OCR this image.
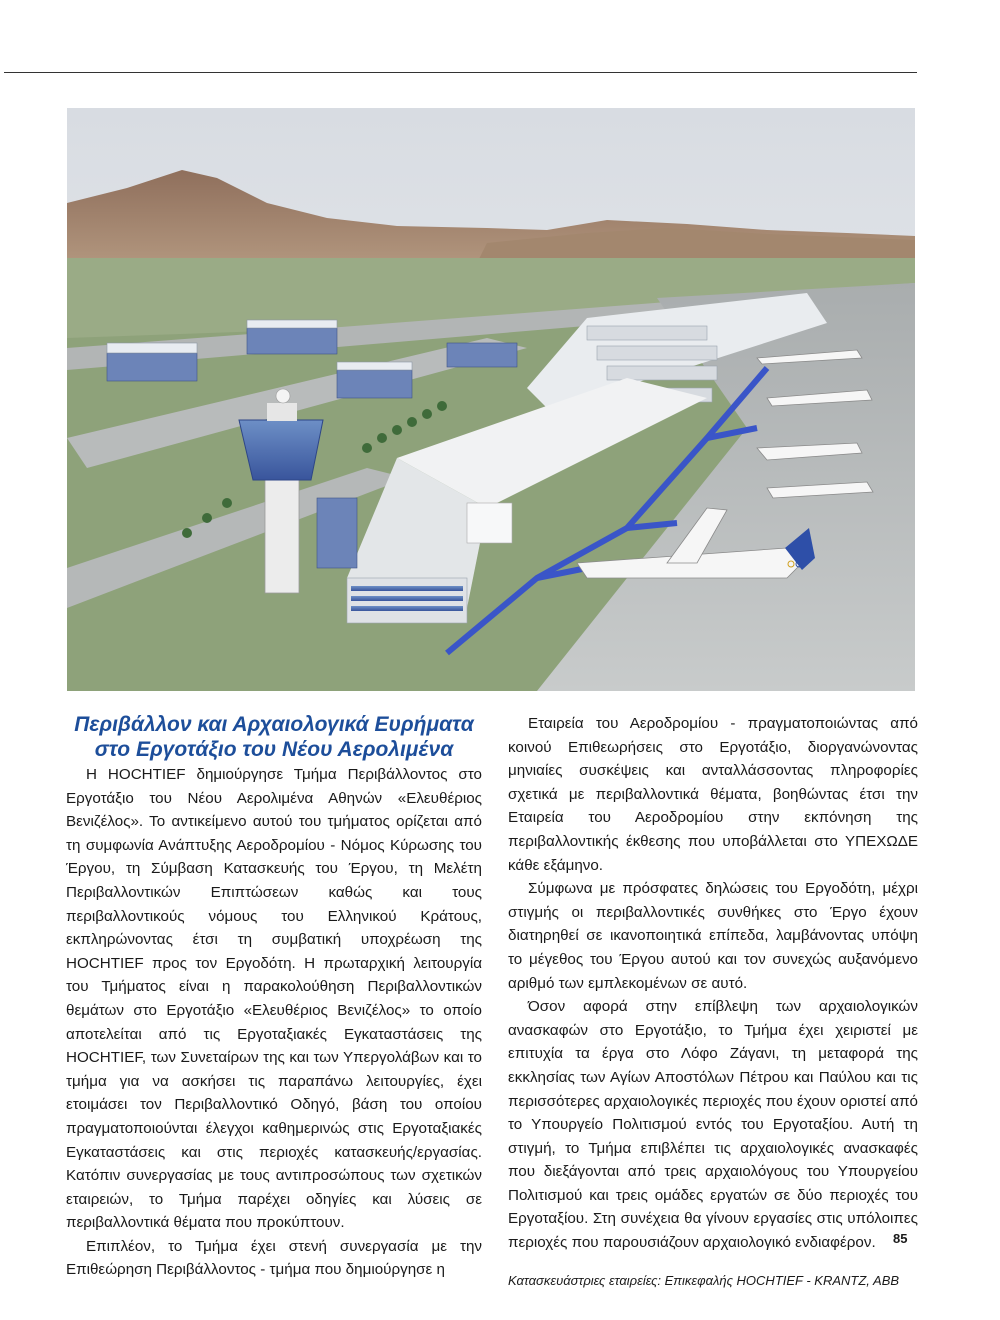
Περιβάλλον και Αρχαιολογικά Ευρήματα
στο Εργοτάξιο του Νέου Αερολιμένα

Η HOCHTIEF δημιούργησε Τμήμα Περιβάλλοντος στο Εργοτάξιο του Νέου Αερολιμένα Αθηνών «Ελευθέριος Βενιζέλος». Το αντικείμενο αυτού του τμήματος ορίζεται από τη συμφωνία Ανάπτυξης Αεροδρομίου - Νόμος Κύρωσης του Έργου, τη Σύμβαση Κατασκευής του Έργου, τη Μελέτη Περιβαλλοντικών Επιπτώσεων καθώς και τους περιβαλλοντικούς νόμους του Ελληνικού Κράτους, εκπληρώνοντας έτσι τη συμβατική υποχρέωση της HOCHTIEF προς τον Εργοδότη. Η πρωταρχική λειτουργία του Τμήματος είναι η παρακολούθηση Περιβαλλοντικών θεμάτων στο Εργοτάξιο «Ελευθέριος Βενιζέλος» το οποίο αποτελείται από τις Εργοταξιακές Εγκαταστάσεις της HOCHTIEF, των Συνεταίρων της και των Υπεργολάβων και το τμήμα για να ασκήσει τις παραπάνω λειτουργίες, έχει ετοιμάσει τον Περιβαλλοντικό Οδηγό, βάση του οποίου πραγματοποιούνται έλεγχοι καθημερινώς στις Εργοταξιακές Εγκαταστάσεις και στις περιοχές κατασκευής/εργασίας. Κατόπιν συνεργασίας με τους αντιπροσώπους των σχετικών εταιρειών, το Τμήμα παρέχει οδηγίες και λύσεις σε περιβαλλοντικά θέματα που προκύπτουν.

Επιπλέον, το Τμήμα έχει στενή συνεργασία με την Επιθεώρηση Περιβάλλοντος - τμήμα που δημιούργησε η

Εταιρεία του Αεροδρομίου - πραγματοποιώντας από κοινού Επιθεωρήσεις στο Εργοτάξιο, διοργανώνοντας μηνιαίες συσκέψεις και ανταλλάσσοντας πληροφορίες σχετικά με περιβαλλοντικά θέματα, βοηθώντας έτσι την Εταιρεία του Αεροδρομίου στην εκπόνηση της περιβαλλοντικής έκθεσης που υποβάλλεται στο ΥΠΕΧΩΔΕ κάθε εξάμηνο.

Σύμφωνα με πρόσφατες δηλώσεις του Εργοδότη, μέχρι στιγμής οι περιβαλλοντικές συνθήκες στο Έργο έχουν διατηρηθεί σε ικανοποιητικά επίπεδα, λαμβάνοντας υπόψη το μέγεθος του Έργου αυτού και τον συνεχώς αυξανόμενο αριθμό των εμπλεκομένων σε αυτό.

Όσον αφορά στην επίβλεψη των αρχαιολογικών ανασκαφών στο Εργοτάξιο, το Τμήμα έχει χειριστεί με επιτυχία τα έργα στο Λόφο Ζάγανι, τη μεταφορά της εκκλησίας των Αγίων Αποστόλων Πέτρου και Παύλου και τις περισσότερες αρχαιολογικές περιοχές που έχουν οριστεί από το Υπουργείο Πολιτισμού εντός του Εργοταξίου. Αυτή τη στιγμή, το Τμήμα επιβλέπει τις αρχαιολογικές ανασκαφές που διεξάγονται από τρεις αρχαιολόγους του Υπουργείου Πολιτισμού και τρεις ομάδες εργατών σε δύο περιοχές του Εργοταξίου. Στη συνέχεια θα γίνουν εργασίες στις υπόλοιπες περιοχές που παρουσιάζουν αρχαιολογικό ενδιαφέρον.

Κατασκευάστριες εταιρείες: Επικεφαλής HOCHTIEF - KRANTZ, ABB

85
